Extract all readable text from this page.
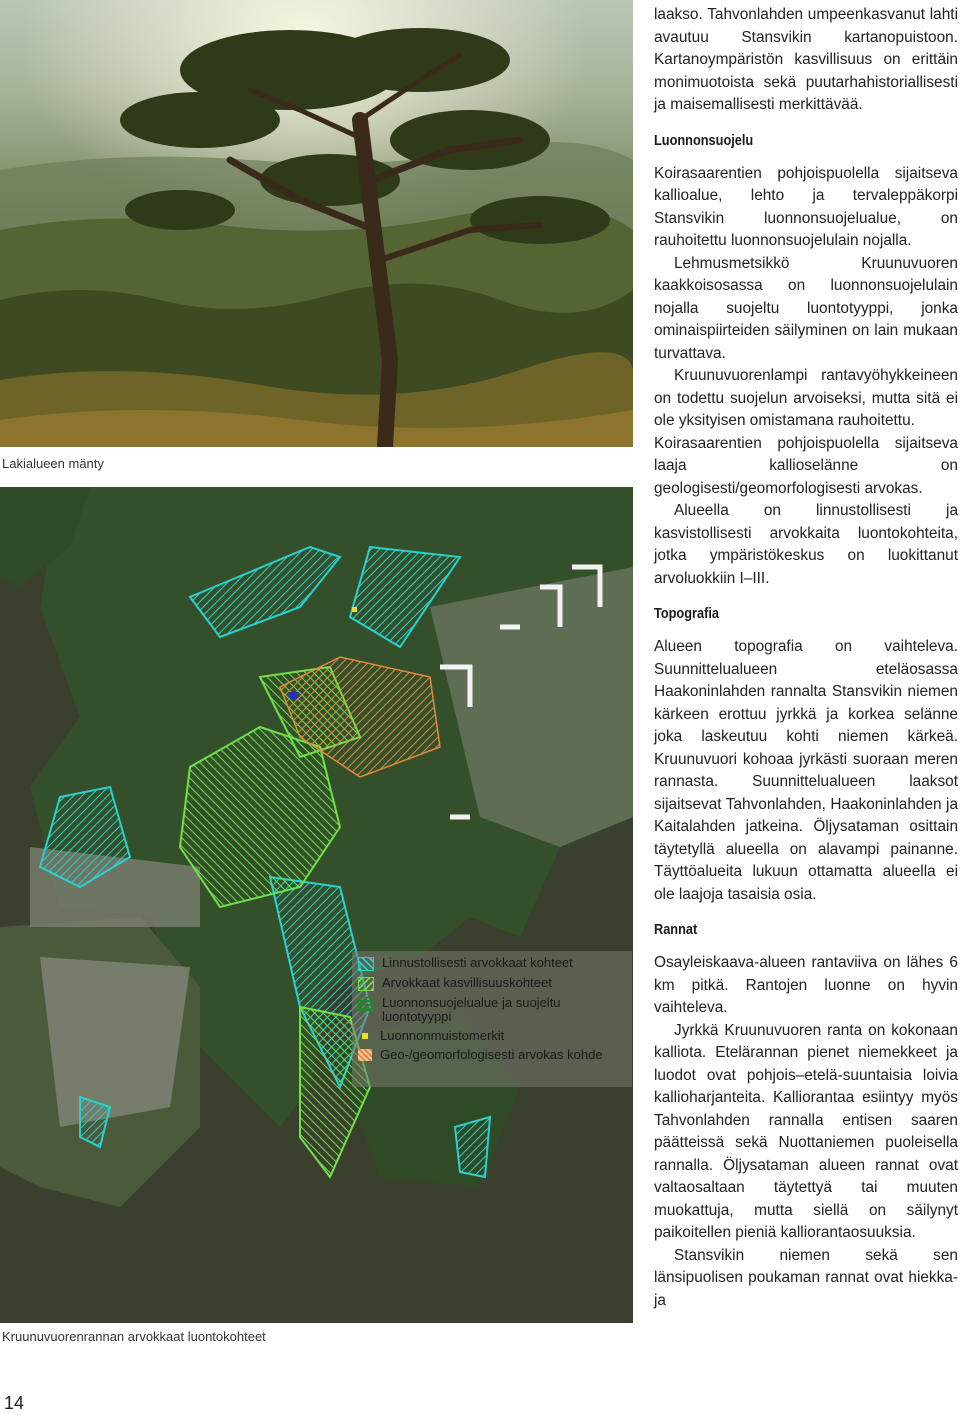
Lakialueen mänty
Linnustollisesti arvokkaat kohteet
Arvokkaat kasvillisuuskohteet
Luonnonsuojelualue ja suojeltu luontotyyppi
Luonnonmuistomerkit
Geo-/geomorfologisesti arvokas kohde
Kruunuvuorenrannan arvokkaat luontokohteet

laakso. Tahvonlahden umpeenkasvanut lahti avautuu Stansvikin kartanopuistoon. Kartanoympäristön kasvillisuus on erittäin monimuotoista sekä puutarhahistoriallisesti ja maisemallisesti merkittävää.

Luonnonsuojelu

Koirasaarentien pohjoispuolella sijaitseva kallioalue, lehto ja tervaleppäkorpi Stansvikin luonnonsuojelualue, on rauhoitettu luonnonsuojelulain nojalla.

Lehmusmetsikkö Kruunuvuoren kaakkoisosassa on luonnonsuojelulain nojalla suojeltu luontotyyppi, jonka ominaispiirteiden säilyminen on lain mukaan turvattava.

Kruunuvuorenlampi rantavyöhykkeineen on todettu suojelun arvoiseksi, mutta sitä ei ole yksityisen omistamana rauhoitettu.

Koirasaarentien pohjoispuolella sijaitseva laaja kallioselänne on geologisesti/geomorfologisesti arvokas.

Alueella on linnustollisesti ja kasvistollisesti arvokkaita luontokohteita, jotka ympäristökeskus on luokittanut arvoluokkiin I–III.

Topografia

Alueen topografia on vaihteleva. Suunnittelualueen eteläosassa Haakoninlahden rannalta Stansvikin niemen kärkeen erottuu jyrkkä ja korkea selänne joka laskeutuu kohti niemen kärkeä. Kruunuvuori kohoaa jyrkästi suoraan meren rannasta. Suunnittelualueen laaksot sijaitsevat Tahvonlahden, Haakoninlahden ja Kaitalahden jatkeina. Öljysataman osittain täytetyllä alueella on alavampi painanne. Täyttöalueita lukuun ottamatta alueella ei ole laajoja tasaisia osia.

Rannat

Osayleiskaava-alueen rantaviiva on lähes 6 km pitkä. Rantojen luonne on hyvin vaihteleva.

Jyrkkä Kruunuvuoren ranta on kokonaan kalliota. Etelärannan pienet niemekkeet ja luodot ovat pohjois–etelä-suuntaisia loivia kallioharjanteita. Kalliorantaa esiintyy myös Tahvonlahden rannalla entisen saaren päätteissä sekä Nuottaniemen puoleisella rannalla. Öljysataman alueen rannat ovat valtaosaltaan täytettyä tai muuten muokattuja, mutta siellä on säilynyt paikoitellen pieniä kalliorantaosuuksia.

Stansvikin niemen sekä sen länsipuolisen poukaman rannat ovat hiekka- ja

14
